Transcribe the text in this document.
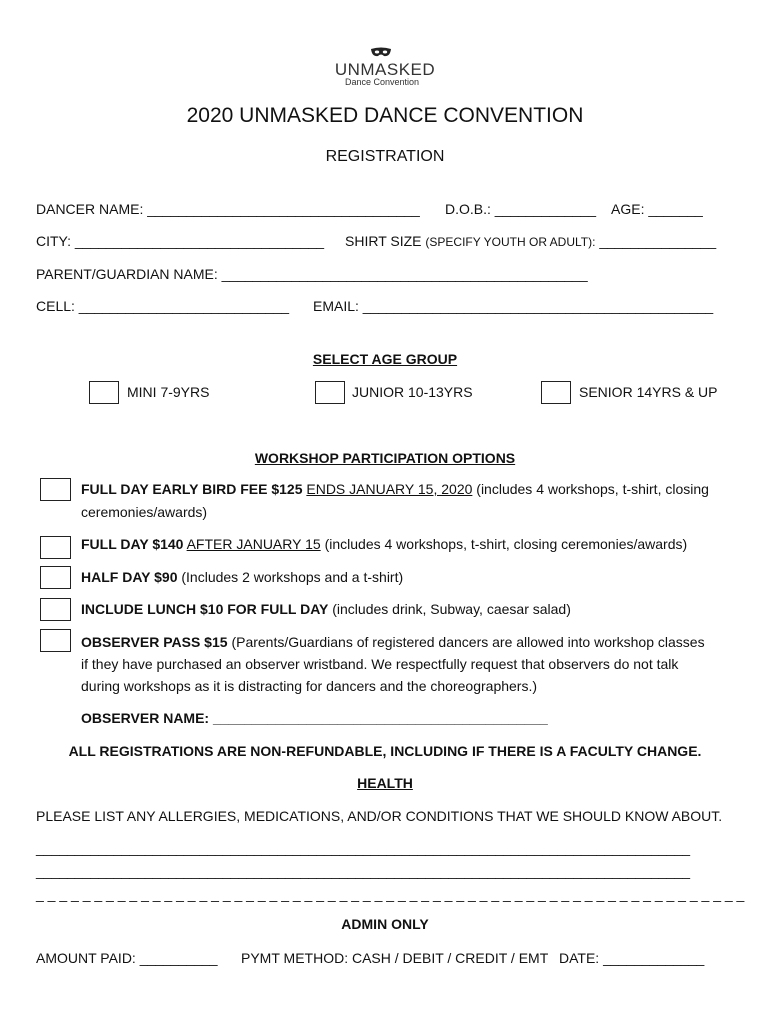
UNMASKED
Dance Convention
2020 UNMASKED DANCE CONVENTION
REGISTRATION
DANCER NAME: ___________________________________ D.O.B.: _____________ AGE: _______
CITY: ________________________________ SHIRT SIZE (SPECIFY YOUTH OR ADULT): _______________
PARENT/GUARDIAN NAME: _______________________________________________
CELL: ___________________________ EMAIL: _____________________________________________
SELECT AGE GROUP
MINI 7-9YRS	JUNIOR 10-13YRS	SENIOR 14YRS & UP
WORKSHOP PARTICIPATION OPTIONS
FULL DAY EARLY BIRD FEE $125 ENDS JANUARY 15, 2020 (includes 4 workshops, t-shirt, closing
ceremonies/awards)
FULL DAY $140 AFTER JANUARY 15 (includes 4 workshops, t-shirt, closing ceremonies/awards)
HALF DAY $90 (Includes 2 workshops and a t-shirt)
INCLUDE LUNCH $10 FOR FULL DAY (includes drink, Subway, caesar salad)
OBSERVER PASS $15 (Parents/Guardians of registered dancers are allowed into workshop classes
if they have purchased an observer wristband. We respectfully request that observers do not talk
during workshops as it is distracting for dancers and the choreographers.)
OBSERVER NAME: ___________________________________________
ALL REGISTRATIONS ARE NON-REFUNDABLE, INCLUDING IF THERE IS A FACULTY CHANGE.
HEALTH
PLEASE LIST ANY ALLERGIES, MEDICATIONS, AND/OR CONDITIONS THAT WE SHOULD KNOW ABOUT.
____________________________________________________________________________________
____________________________________________________________________________________
_ _ _ _ _ _ _ _ _ _ _ _ _ _ _ _ _ _ _ _ _ _ _ _ _ _ _ _ _ _ _ _ _ _ _ _ _ _ _ _ _ _ _ _ _ _ _ _ _ _ _ _ _ _ _ _ _ _ _ _ _
ADMIN ONLY
AMOUNT PAID: __________ PYMT METHOD: CASH / DEBIT / CREDIT / EMT DATE: _____________
